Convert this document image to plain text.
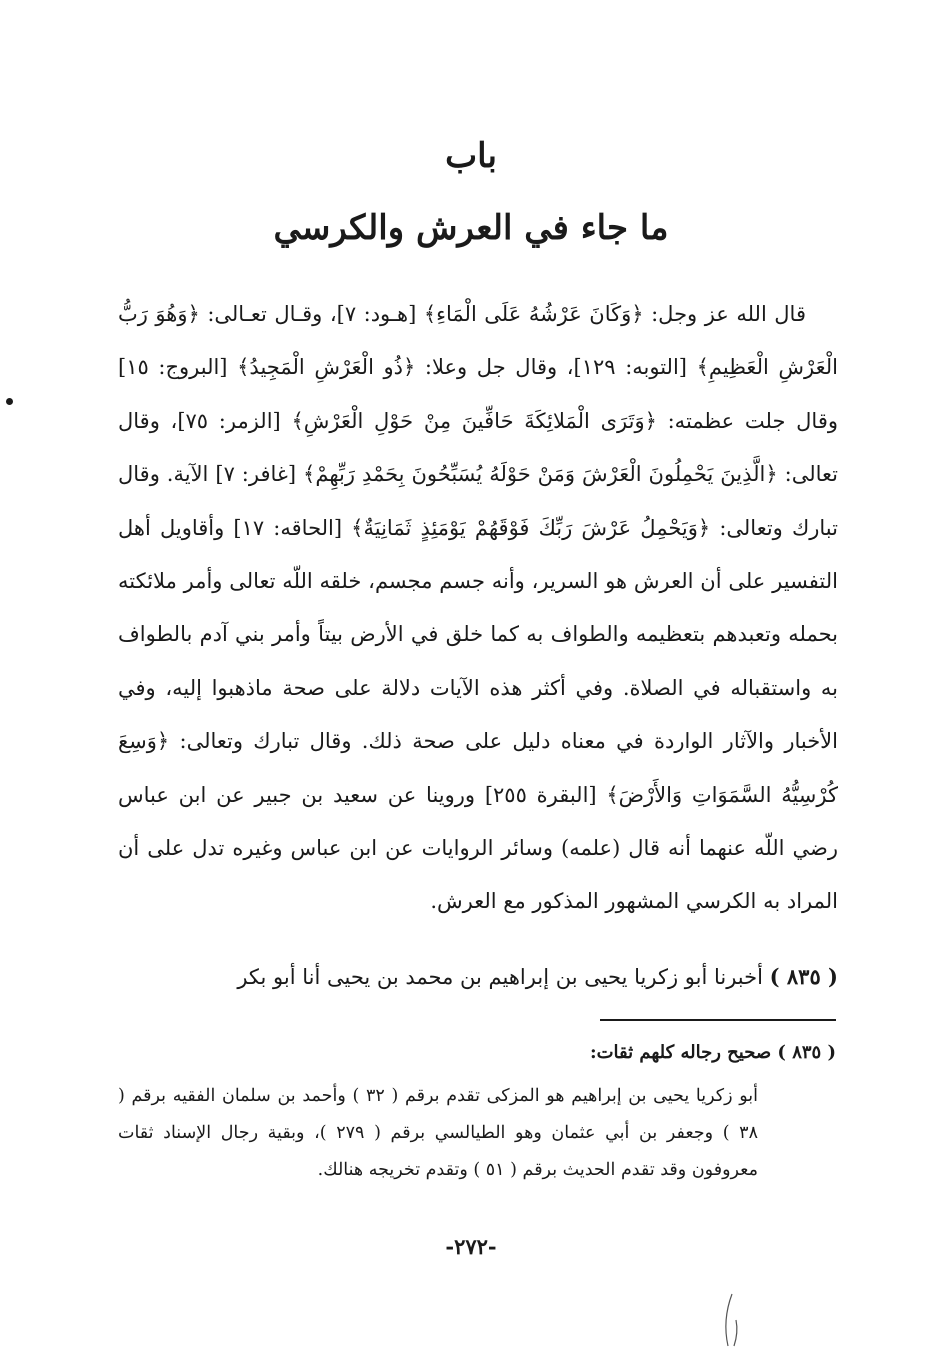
باب
ما جاء في العرش والكرسي

قال الله عز وجل: ﴿وَكَانَ عَرْشُهُ عَلَى الْمَاءِ﴾ [هـود: ٧]، وقـال تعـالى: ﴿وَهُوَ رَبُّ الْعَرْشِ الْعَظِيمِ﴾ [التوبه: ١٢٩]، وقال جل وعلا: ﴿ذُو الْعَرْشِ الْمَجِيدُ﴾ [البروج: ١٥] وقال جلت عظمته: ﴿وَتَرَى الْمَلائِكَةَ حَافِّينَ مِنْ حَوْلِ الْعَرْشِ﴾ [الزمر: ٧٥]، وقال تعالى: ﴿الَّذِينَ يَحْمِلُونَ الْعَرْشَ وَمَنْ حَوْلَهُ يُسَبِّحُونَ بِحَمْدِ رَبِّهِمْ﴾ [غافر: ٧] الآية. وقال تبارك وتعالى: ﴿وَيَحْمِلُ عَرْشَ رَبِّكَ فَوْقَهُمْ يَوْمَئِذٍ ثَمَانِيَةٌ﴾ [الحاقه: ١٧] وأقاويل أهل التفسير على أن العرش هو السرير، وأنه جسم مجسم، خلقه اللّه تعالى وأمر ملائكته بحمله وتعبدهم بتعظيمه والطواف به كما خلق في الأرض بيتاً وأمر بني آدم بالطواف به واستقباله في الصلاة. وفي أكثر هذه الآيات دلالة على صحة ماذهبوا إليه، وفي الأخبار والآثار الواردة في معناه دليل على صحة ذلك. وقال تبارك وتعالى: ﴿وَسِعَ كُرْسِيُّهُ السَّمَوَاتِ وَالأَرْضَ﴾ [البقرة ٢٥٥] وروينا عن سعيد بن جبير عن ابن عباس رضي اللّه عنهما أنه قال (علمه) وسائر الروايات عن ابن عباس وغيره تدل على أن المراد به الكرسي المشهور المذكور مع العرش.

( ٨٣٥ ) أخبرنا أبو زكريا يحيى بن إبراهيم بن محمد بن يحيى أنا أبو بكر
( ٨٣٥ ) صحيح رجاله كلهم ثقات:
أبو زكريا يحيى بن إبراهيم هو المزكى تقدم برقم ( ٣٢ ) وأحمد بن سلمان الفقيه برقم ( ٣٨ ) وجعفر بن أبي عثمان وهو الطيالسي برقم ( ٢٧٩ )، وبقية رجال الإسناد ثقات معروفون وقد تقدم الحديث برقم ( ٥١ ) وتقدم تخريجه هنالك.
-٢٧٢-
